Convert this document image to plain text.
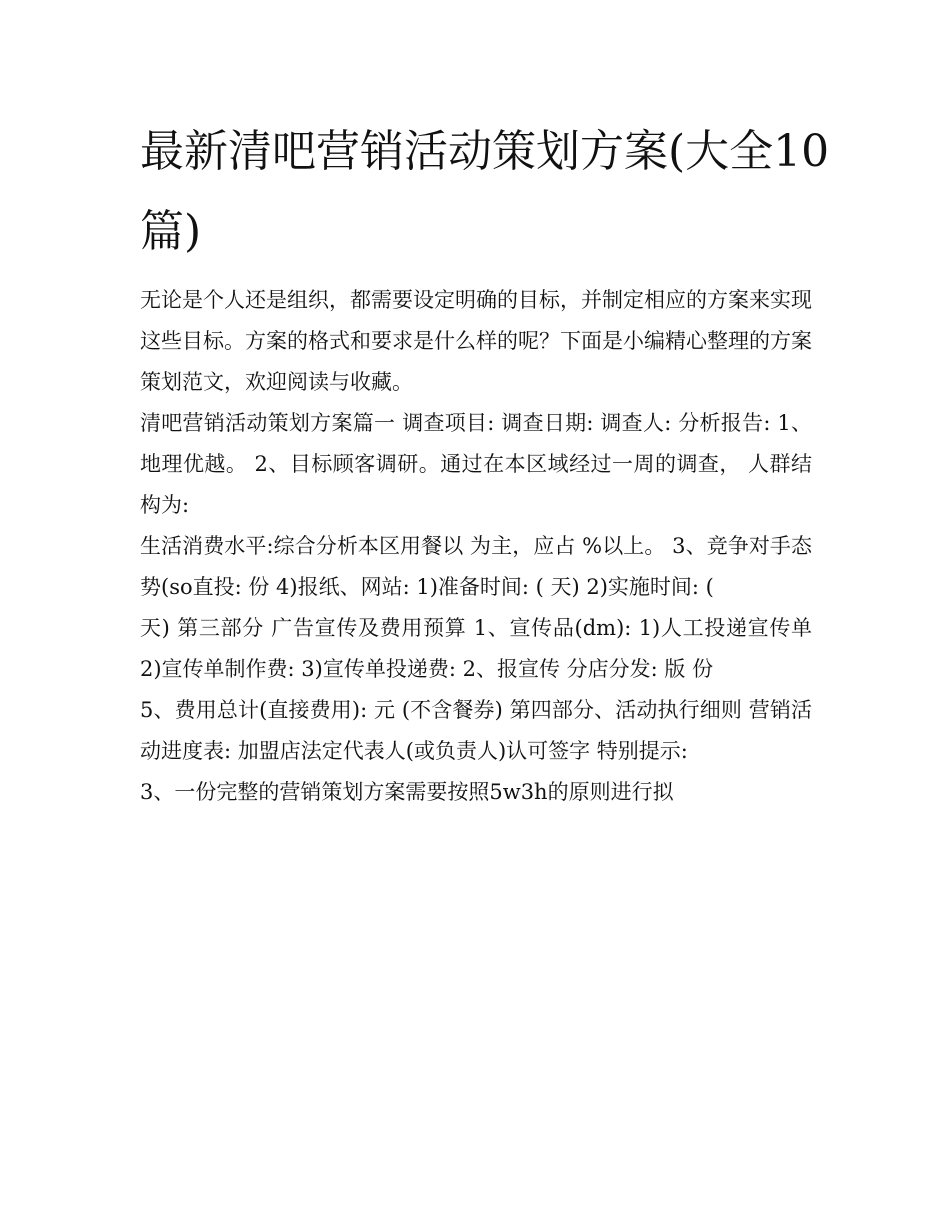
最新清吧营销活动策划方案(大全10篇)

无论是个人还是组织，都需要设定明确的目标，并制定相应的方案来实现这些目标。方案的格式和要求是什么样的呢？下面是小编精心整理的方案策划范文，欢迎阅读与收藏。

清吧营销活动策划方案篇一 调查项目: 调查日期: 调查人: 分析报告: 1、地理优越。 2、目标顾客调研。通过在本区域经过一周的调查， 人群结构为:

生活消费水平:综合分析本区用餐以 为主，应占 %以上。 3、竞争对手态势(so直投: 份 4)报纸、网站: 1)准备时间: ( 天) 2)实施时间: (

天) 第三部分 广告宣传及费用预算 1、宣传品(dm): 1)人工投递宣传单 2)宣传单制作费: 3)宣传单投递费: 2、报宣传 分店分发: 版 份

5、费用总计(直接费用): 元 (不含餐券) 第四部分、活动执行细则 营销活动进度表: 加盟店法定代表人(或负责人)认可签字 特别提示:

3、一份完整的营销策划方案需要按照5w3h的原则进行拟
